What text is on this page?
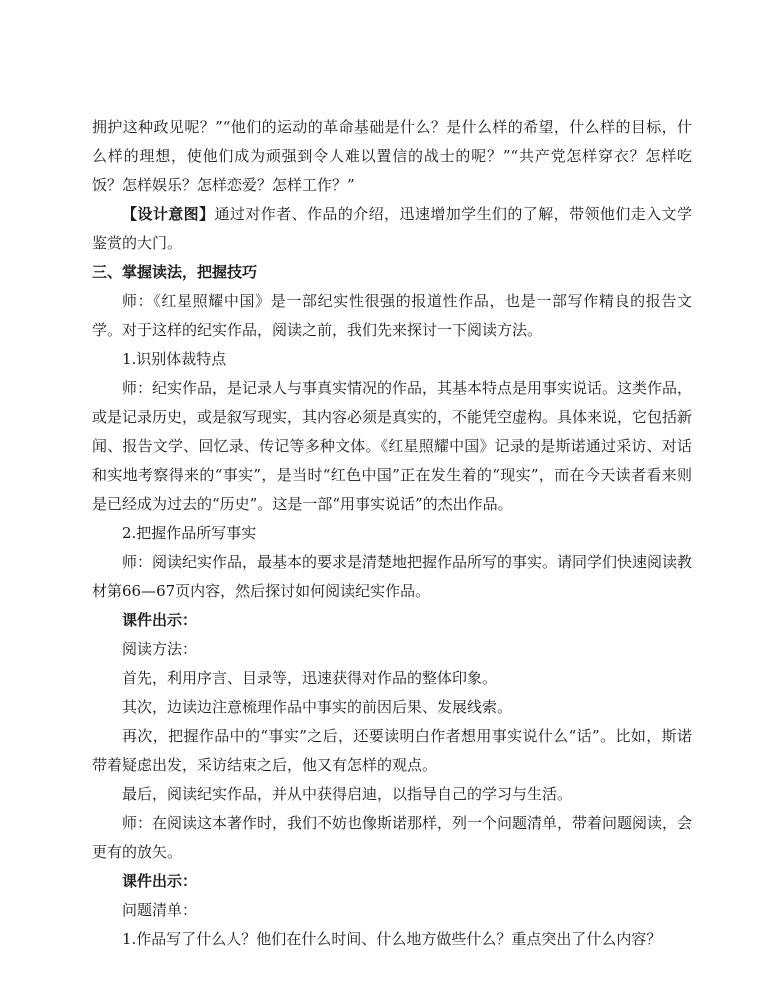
拥护这种政见呢？”“他们的运动的革命基础是什么？是什么样的希望，什么样的目标，什么样的理想，使他们成为顽强到令人难以置信的战士的呢？”“共产党怎样穿衣？怎样吃饭？怎样娱乐？怎样恋爱？怎样工作？”

【设计意图】通过对作者、作品的介绍，迅速增加学生们的了解，带领他们走入文学鉴赏的大门。

三、掌握读法，把握技巧

师：《红星照耀中国》是一部纪实性很强的报道性作品，也是一部写作精良的报告文学。对于这样的纪实作品，阅读之前，我们先来探讨一下阅读方法。

1.识别体裁特点

师：纪实作品，是记录人与事真实情况的作品，其基本特点是用事实说话。这类作品，或是记录历史，或是叙写现实，其内容必须是真实的，不能凭空虚构。具体来说，它包括新闻、报告文学、回忆录、传记等多种文体。《红星照耀中国》记录的是斯诺通过采访、对话和实地考察得来的“事实”，是当时“红色中国”正在发生着的“现实”，而在今天读者看来则是已经成为过去的“历史”。这是一部“用事实说话”的杰出作品。

2.把握作品所写事实

师：阅读纪实作品，最基本的要求是清楚地把握作品所写的事实。请同学们快速阅读教材第66—67页内容，然后探讨如何阅读纪实作品。

课件出示：

阅读方法：

首先，利用序言、目录等，迅速获得对作品的整体印象。

其次，边读边注意梳理作品中事实的前因后果、发展线索。

再次，把握作品中的“事实”之后，还要读明白作者想用事实说什么“话”。比如，斯诺带着疑虑出发，采访结束之后，他又有怎样的观点。

最后，阅读纪实作品，并从中获得启迪，以指导自己的学习与生活。

师：在阅读这本著作时，我们不妨也像斯诺那样，列一个问题清单，带着问题阅读，会更有的放矢。

课件出示：

问题清单：

1.作品写了什么人？他们在什么时间、什么地方做些什么？重点突出了什么内容？
